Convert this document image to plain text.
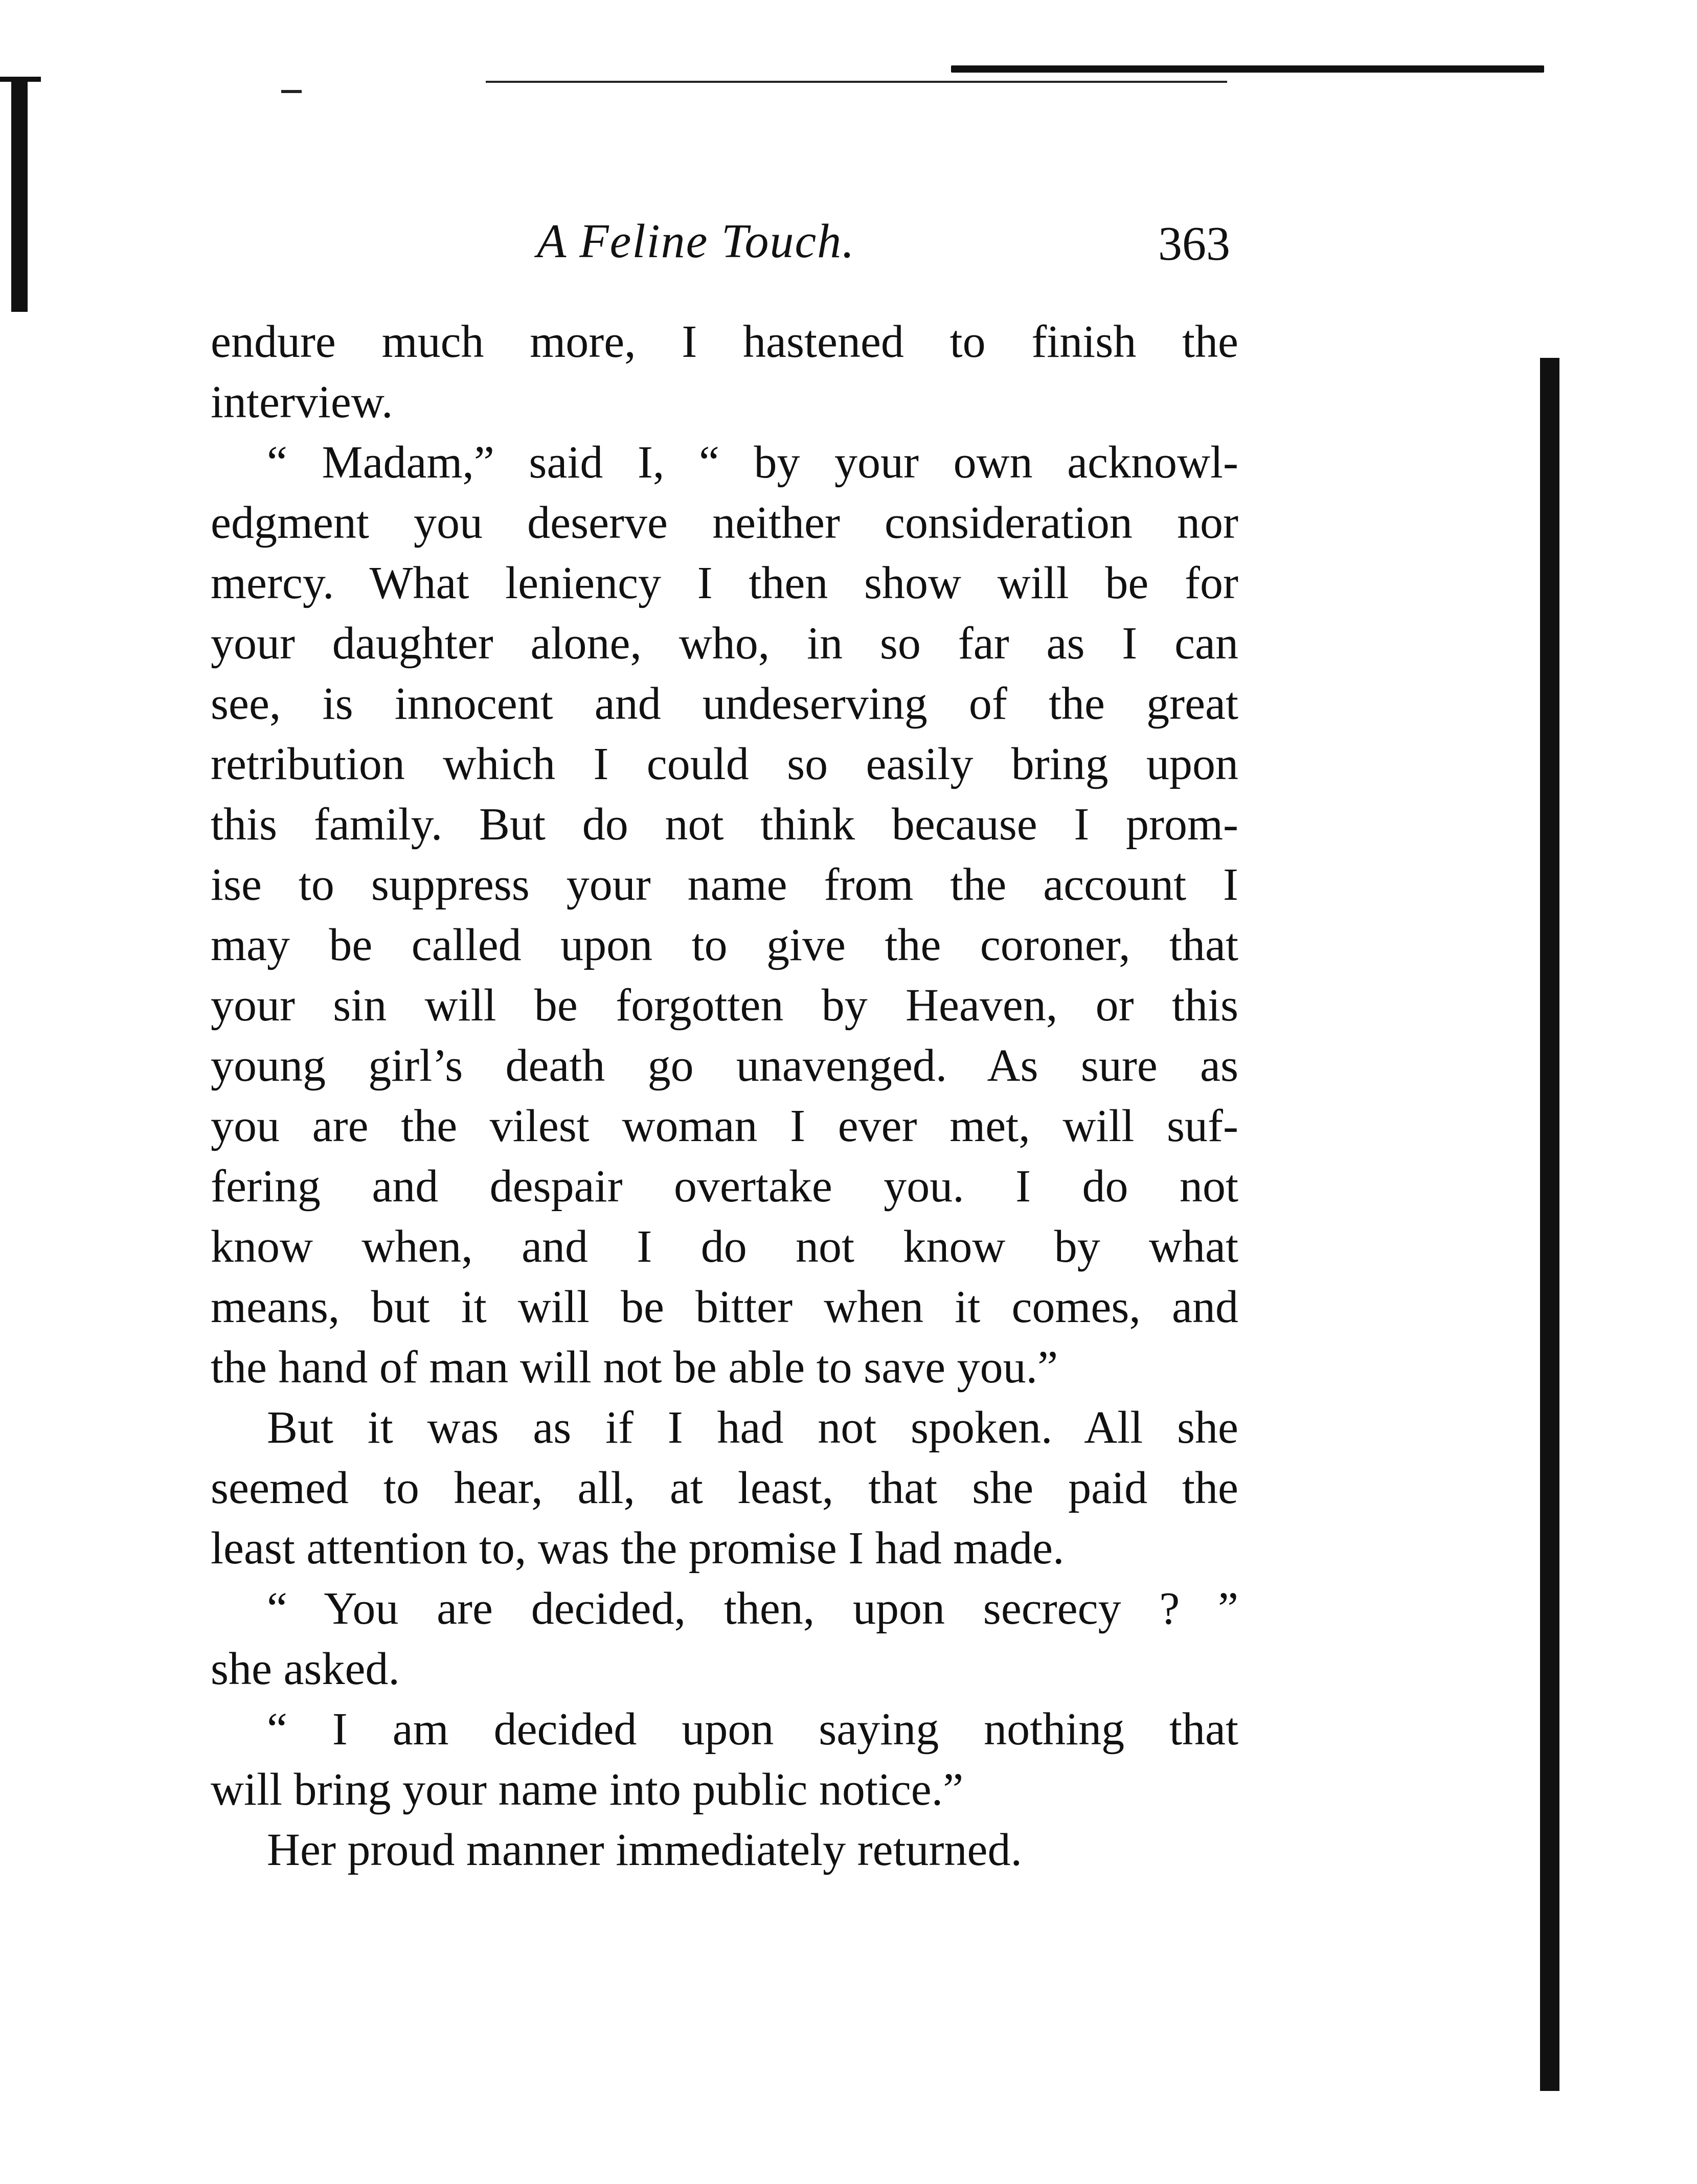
A Feline Touch.	363
endure much more, I hastened to finish the
interview.
“ Madam,” said I, “ by your own acknowl-
edgment you deserve neither consideration nor
mercy. What leniency I then show will be for
your daughter alone, who, in so far as I can
see, is innocent and undeserving of the great
retribution which I could so easily bring upon
this family. But do not think because I prom-
ise to suppress your name from the account I
may be called upon to give the coroner, that
your sin will be forgotten by Heaven, or this
young girl’s death go unavenged. As sure as
you are the vilest woman I ever met, will suf-
fering and despair overtake you. I do not
know when, and I do not know by what
means, but it will be bitter when it comes, and
the hand of man will not be able to save you.”
But it was as if I had not spoken. All she
seemed to hear, all, at least, that she paid the
least attention to, was the promise I had made.
“ You are decided, then, upon secrecy ? ”
she asked.
“ I am decided upon saying nothing that
will bring your name into public notice.”
Her proud manner immediately returned.
